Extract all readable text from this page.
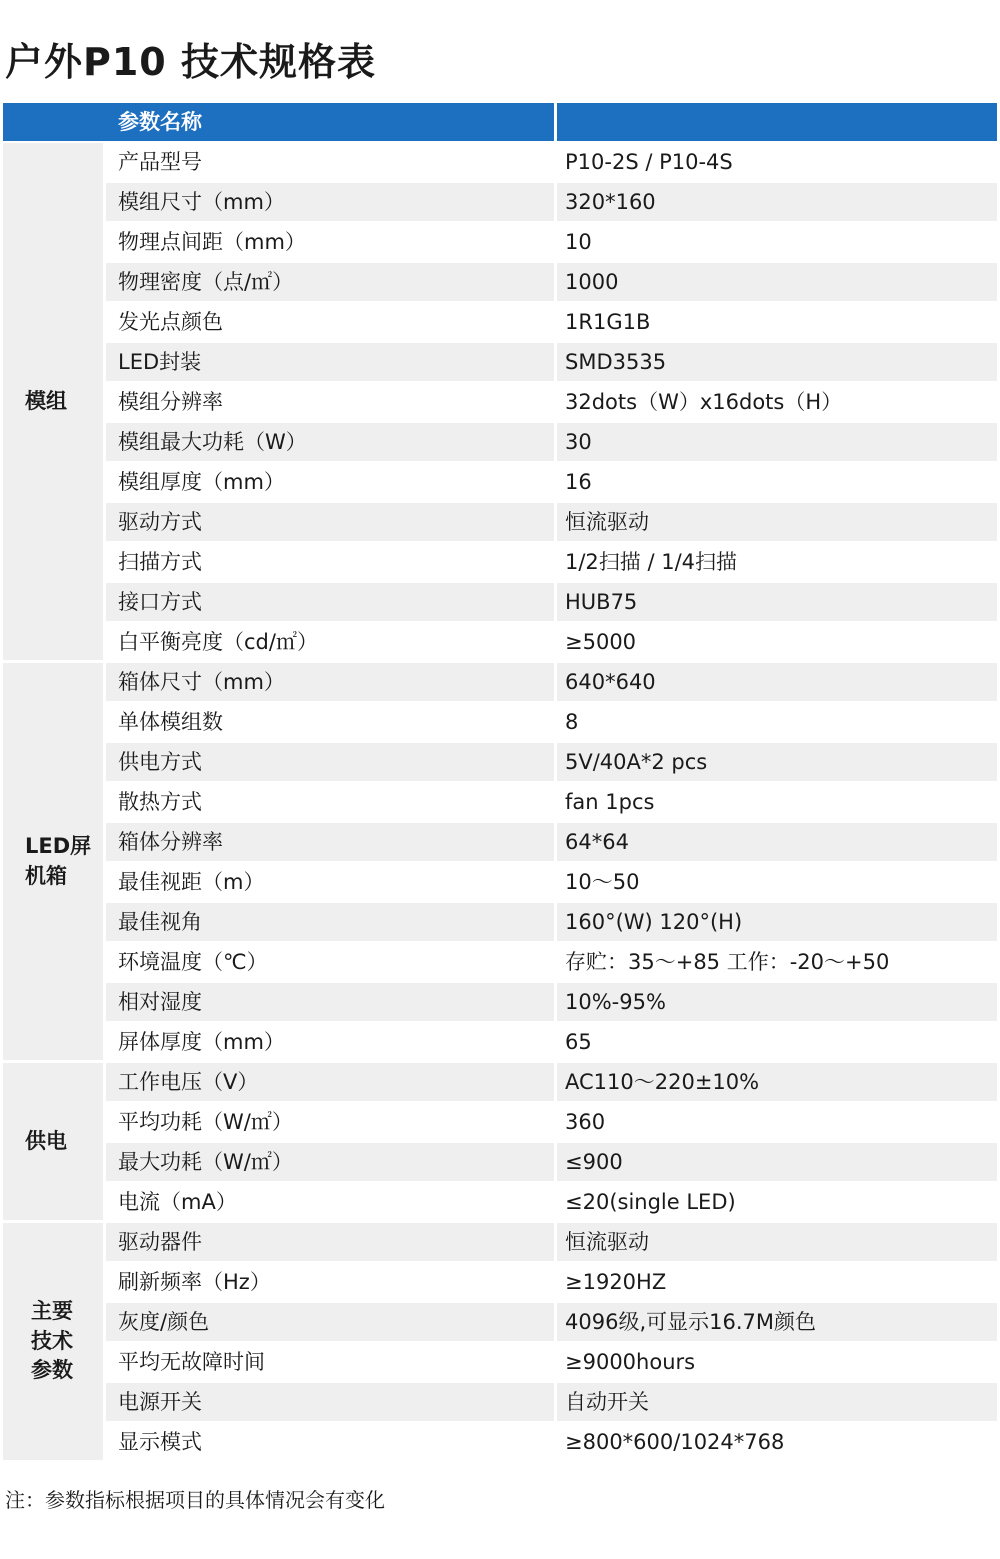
户外P10 技术规格表
	参数名称	
模组	产品型号	P10-2S / P10-4S
	模组尺寸（mm）	320*160
	物理点间距（mm）	10
	物理密度（点/㎡）	1000
	发光点颜色	1R1G1B
	LED封装	SMD3535
	模组分辨率	32dots（W）x16dots（H）
	模组最大功耗（W）	30
	模组厚度（mm）	16
	驱动方式	恒流驱动
	扫描方式	1/2扫描 / 1/4扫描
	接口方式	HUB75
	白平衡亮度（cd/㎡）	≥5000
LED屏
机箱	箱体尺寸（mm）	640*640
	单体模组数	8
	供电方式	5V/40A*2 pcs
	散热方式	fan 1pcs
	箱体分辨率	64*64
	最佳视距（m）	10～50
	最佳视角	160°(W) 120°(H)
	环境温度（℃）	存贮：35～+85 工作：-20～+50
	相对湿度	10%-95%
	屏体厚度（mm）	65
供电	工作电压（V）	AC110～220±10%
	平均功耗（W/㎡）	360
	最大功耗（W/㎡）	≤900
	电流（mA）	≤20(single LED)
主要
技术
参数	驱动器件	恒流驱动
	刷新频率（Hz）	≥1920HZ
	灰度/颜色	4096级,可显示16.7M颜色
	平均无故障时间	≥9000hours
	电源开关	自动开关
	显示模式	≥800*600/1024*768
注：参数指标根据项目的具体情况会有变化
